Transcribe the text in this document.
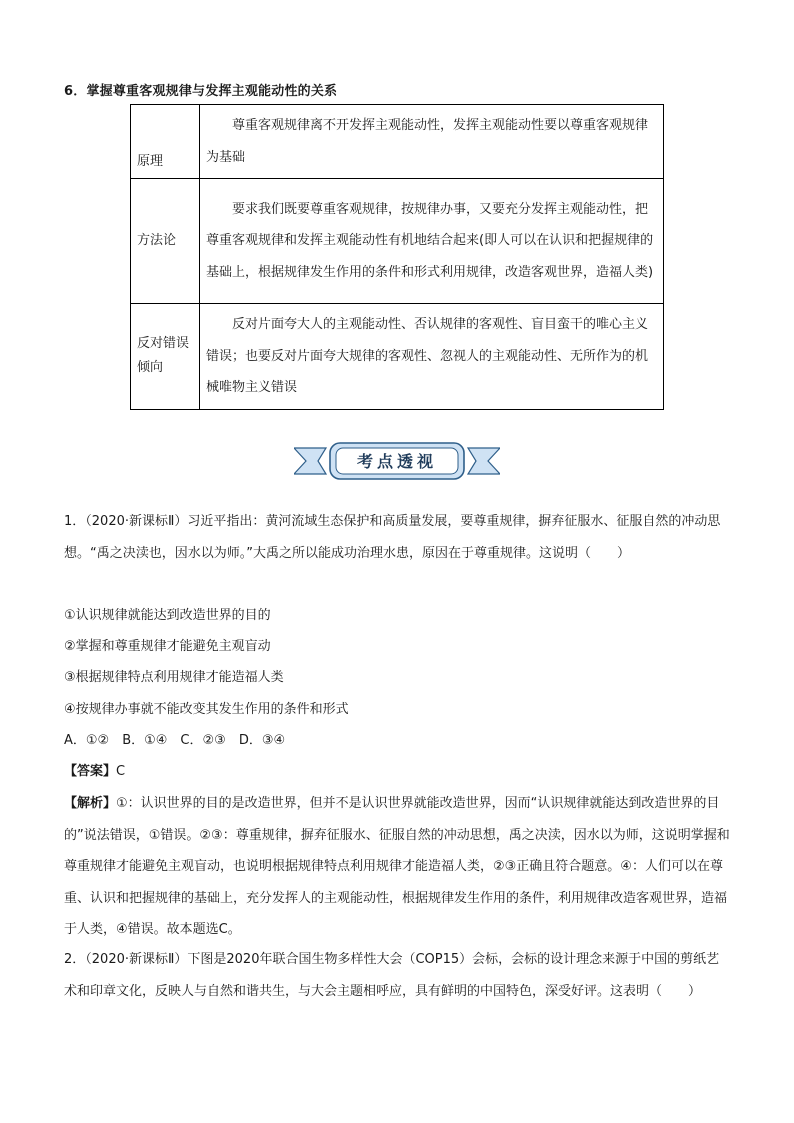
6．掌握尊重客观规律与发挥主观能动性的关系
原理	尊重客观规律离不开发挥主观能动性，发挥主观能动性要以尊重客观规律为基础
方法论	要求我们既要尊重客观规律，按规律办事，又要充分发挥主观能动性，把尊重客观规律和发挥主观能动性有机地结合起来(即人可以在认识和把握规律的基础上，根据规律发生作用的条件和形式利用规律，改造客观世界，造福人类)
反对错误倾向	反对片面夸大人的主观能动性、否认规律的客观性、盲目蛮干的唯心主义错误；也要反对片面夸大规律的客观性、忽视人的主观能动性、无所作为的机械唯物主义错误
考点透视
1．（2020·新课标Ⅱ）习近平指出：黄河流域生态保护和高质量发展，要尊重规律，摒弃征服水、征服自然的冲动思想。“禹之决渎也，因水以为师。”大禹之所以能成功治理水患，原因在于尊重规律。这说明（　　）
①认识规律就能达到改造世界的目的
②掌握和尊重规律才能避免主观盲动
③根据规律特点利用规律才能造福人类
④按规律办事就不能改变其发生作用的条件和形式
A．①②　B．①④　C．②③　D．③④
【答案】C
【解析】①：认识世界的目的是改造世界，但并不是认识世界就能改造世界，因而“认识规律就能达到改造世界的目的”说法错误，①错误。②③：尊重规律，摒弃征服水、征服自然的冲动思想，禹之决渎，因水以为师，这说明掌握和尊重规律才能避免主观盲动，也说明根据规律特点利用规律才能造福人类，②③正确且符合题意。④：人们可以在尊重、认识和把握规律的基础上，充分发挥人的主观能动性，根据规律发生作用的条件，利用规律改造客观世界，造福于人类，④错误。故本题选C。
2．（2020·新课标Ⅱ）下图是2020年联合国生物多样性大会（COP15）会标，会标的设计理念来源于中国的剪纸艺术和印章文化，反映人与自然和谐共生，与大会主题相呼应，具有鲜明的中国特色，深受好评。这表明（　　）
